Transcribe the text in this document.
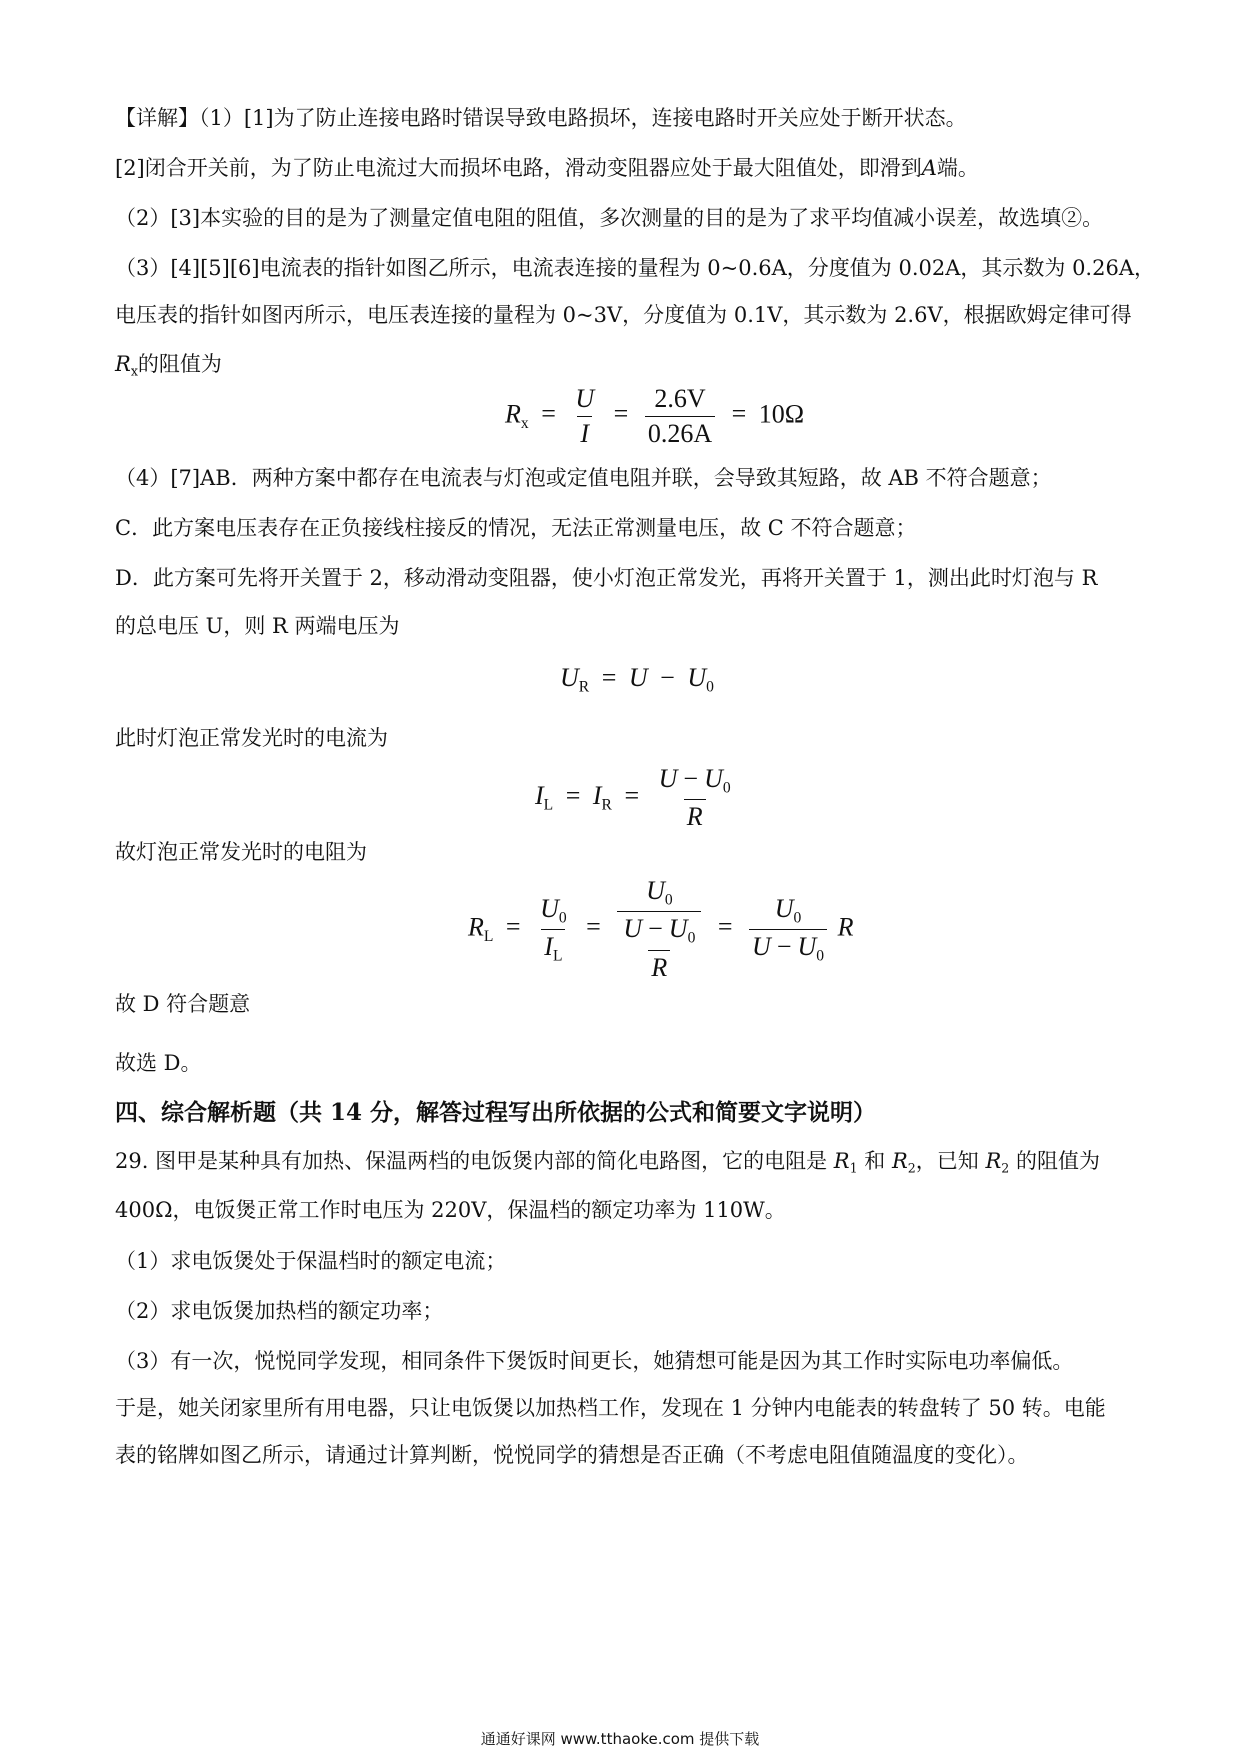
【详解】（1）[1]为了防止连接电路时错误导致电路损坏，连接电路时开关应处于断开状态。
[2]闭合开关前，为了防止电流过大而损坏电路，滑动变阻器应处于最大阻值处，即滑到A端。
（2）[3]本实验的目的是为了测量定值电阻的阻值，多次测量的目的是为了求平均值减小误差，故选填②。
（3）[4][5][6]电流表的指针如图乙所示，电流表连接的量程为 0~0.6A，分度值为 0.02A，其示数为 0.26A，
电压表的指针如图丙所示，电压表连接的量程为 0~3V，分度值为 0.1V，其示数为 2.6V，根据欧姆定律可得
$R_x$的阻值为
$R_x = \frac{U}{I} = \frac{2.6V}{0.26A} = 10\Omega$
（4）[7]AB．两种方案中都存在电流表与灯泡或定值电阻并联，会导致其短路，故 AB 不符合题意；
C．此方案电压表存在正负接线柱接反的情况，无法正常测量电压，故 C 不符合题意；
D．此方案可先将开关置于 2，移动滑动变阻器，使小灯泡正常发光，再将开关置于 1，测出此时灯泡与 R
的总电压 U，则 R 两端电压为
$U_R = U - U_0$
此时灯泡正常发光时的电流为
$I_L = I_R = \frac{U - U_0}{R}$
故灯泡正常发光时的电阻为
$R_L = \frac{U_0}{I_L} = \frac{U_0}{\frac{U - U_0}{R}} = \frac{U_0}{U - U_0}$ R
故 D 符合题意
故选 D。
四、综合解析题（共 14 分，解答过程写出所依据的公式和简要文字说明）
29. 图甲是某种具有加热、保温两档的电饭煲内部的简化电路图，它的电阻是 $R_1$ 和 $R_2$，已知 $R_2$ 的阻值为
400Ω，电饭煲正常工作时电压为 220V，保温档的额定功率为 110W。
（1）求电饭煲处于保温档时的额定电流；
（2）求电饭煲加热档的额定功率；
（3）有一次，悦悦同学发现，相同条件下煲饭时间更长，她猜想可能是因为其工作时实际电功率偏低。
于是，她关闭家里所有用电器，只让电饭煲以加热档工作，发现在 1 分钟内电能表的转盘转了 50 转。电能
表的铭牌如图乙所示，请通过计算判断，悦悦同学的猜想是否正确（不考虑电阻值随温度的变化）。
通通好课网 www.tthaoke.com 提供下载
